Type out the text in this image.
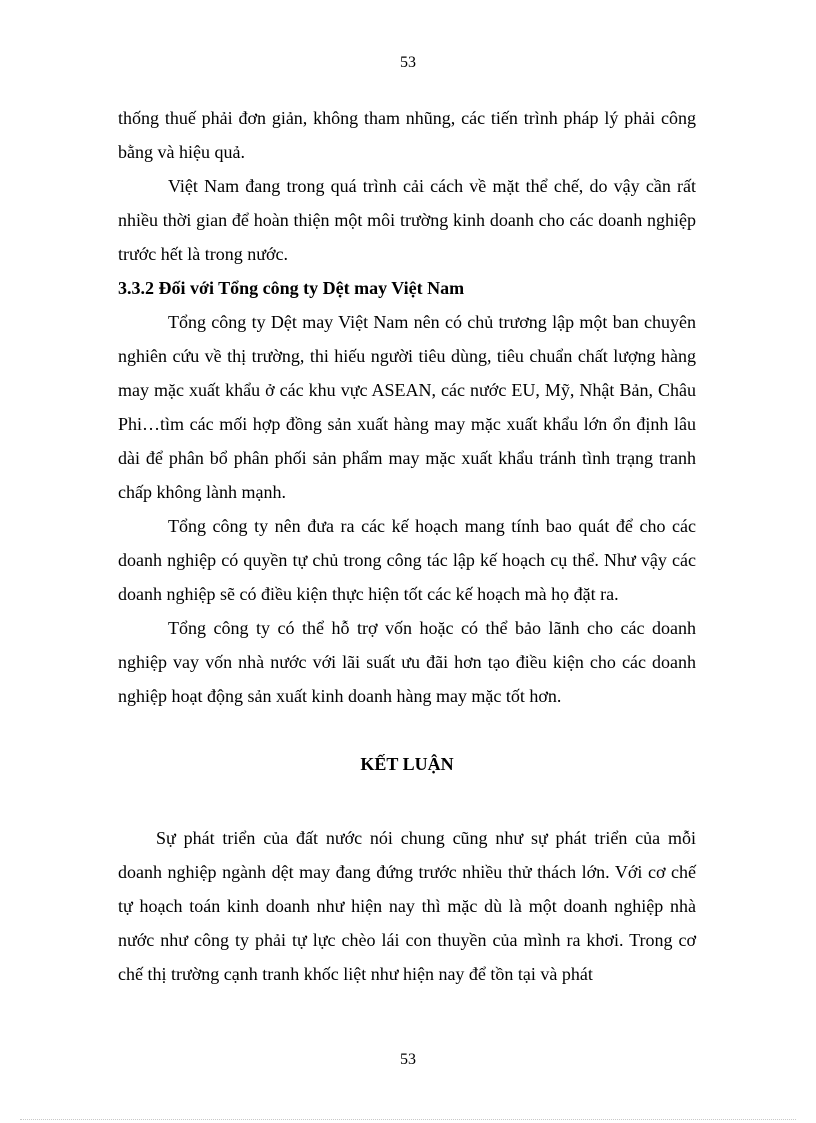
53

thống thuế phải đơn giản, không tham nhũng, các tiến trình pháp lý phải công bằng và hiệu quả.

Việt Nam đang trong quá trình cải cách về mặt thể chế, do vậy cần rất nhiều thời gian để hoàn thiện một môi trường kinh doanh cho các doanh nghiệp trước hết là trong nước.

3.3.2 Đối với Tổng công ty Dệt may Việt Nam

Tổng công ty Dệt may Việt Nam nên có chủ trương lập một ban chuyên nghiên cứu về thị trường, thi hiếu người tiêu dùng, tiêu chuẩn chất lượng hàng may mặc xuất khẩu ở các khu vực ASEAN, các nước EU, Mỹ, Nhật Bản, Châu Phi…tìm các mối hợp đồng sản xuất hàng may mặc xuất khẩu lớn ổn định lâu dài để phân bổ phân phối sản phẩm may mặc xuất khẩu tránh tình trạng tranh chấp không lành mạnh.

Tổng công ty nên đưa ra các kế hoạch mang tính bao quát để cho các doanh nghiệp có quyền tự chủ trong công tác lập kế hoạch cụ thể. Như vậy các doanh nghiệp sẽ có điều kiện thực hiện tốt các kế hoạch mà họ đặt ra.

Tổng công ty có thể hỗ trợ vốn hoặc có thể bảo lãnh cho các doanh nghiệp vay vốn nhà nước với lãi suất ưu đãi hơn tạo điều kiện cho các doanh nghiệp hoạt động sản xuất kinh doanh hàng may mặc tốt hơn.

KẾT LUẬN

Sự phát triển của đất nước nói chung cũng như sự phát triển của mỗi doanh nghiệp ngành dệt may đang đứng trước nhiều thử thách lớn. Với cơ chế tự hoạch toán kinh doanh như hiện nay thì mặc dù là một doanh nghiệp nhà nước như công ty phải tự lực chèo lái con thuyền của mình ra khơi. Trong cơ chế thị trường cạnh tranh khốc liệt như hiện nay để tồn tại và phát

53
